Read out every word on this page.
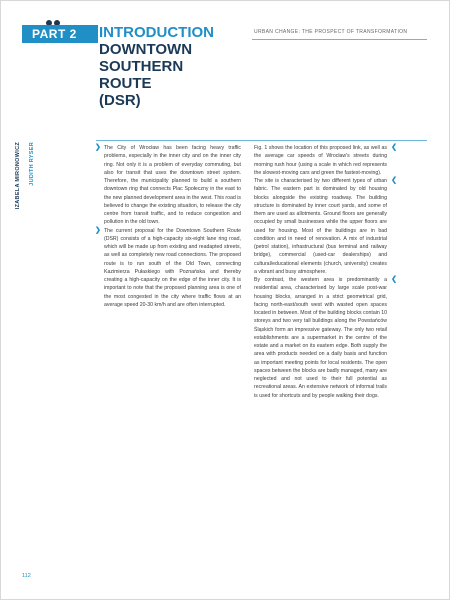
PART 2	INTRODUCTION
DOWNTOWN
SOUTHERN
ROUTE
(DSR)
URBAN CHANGE: THE PROSPECT OF TRANSFORMATION
IZABELA MIRONOWICZ JUDITH RYSER	❯ The City of Wrocław has been facing heavy traffic problems, especially in the inner city and on the inner city ring. Not only it is a problem of everyday commuting, but also for transit that uses the downtown street system. Therefore, the municipality planned to build a southern downtown ring that connects Plac Społeczny in the east to the new planned development area in the west. This road is believed to change the existing situation, to release the city centre from transit traffic, and to reduce congestion and pollution in the old town.

❯ The current proposal for the Downtown Southern Route (DSR) consists of a high-capacity six-eight lane ring road, which will be made up from existing and readapted streets, as well as completely new road connections. The proposed route is to run south of the Old Town, connecting Kazimierza Pułaskiego with Poznańska and thereby creating a high-capacity on the edge of the inner city. It is important to note that the proposed planning area is one of the most congested in the city where traffic flows at an average speed 20-30 km/h and are often interrupted.

❮
Fig. 1 shows the location of this proposed link, as well as the average car speeds of Wrocław's streets during morning rush hour (using a scale in which red represents the slowest-moving cars and green the fastest-moving).

❮
The site is characterised by two different types of urban fabric. The eastern part is dominated by old housing blocks alongside the existing roadway. The building structure is dominated by inner court yards, and some of them are used as allotments. Ground floors are generally occupied by small businesses while the upper floors are used for housing. Most of the buildings are in bad condition and in need of renovation. A mix of industrial (petrol station), infrastructural (bus terminal and railway bridge), commercial (used-car dealerships) and cultural/educational elements (church, university) creates a vibrant and busy atmosphere.

❮
By contrast, the western area is predominantly a residential area, characterised by large scale post-war housing blocks, arranged in a strict geometrical grid, facing north-east/south west with wasted open spaces located in between. Most of the building blocks contain 10 storeys and two very tall buildings along the Powstańców Śląskich form an impressive gateway. The only two retail establishments are a supermarket in the centre of the estate and a market on its eastern edge. Both supply the area with products needed on a daily basis and function as important meeting points for local residents. The open spaces between the blocks are badly managed, many are neglected and not used to their full potential as recreational areas. An extensive network of informal trails is used for shortcuts and by people walking their dogs.

112
